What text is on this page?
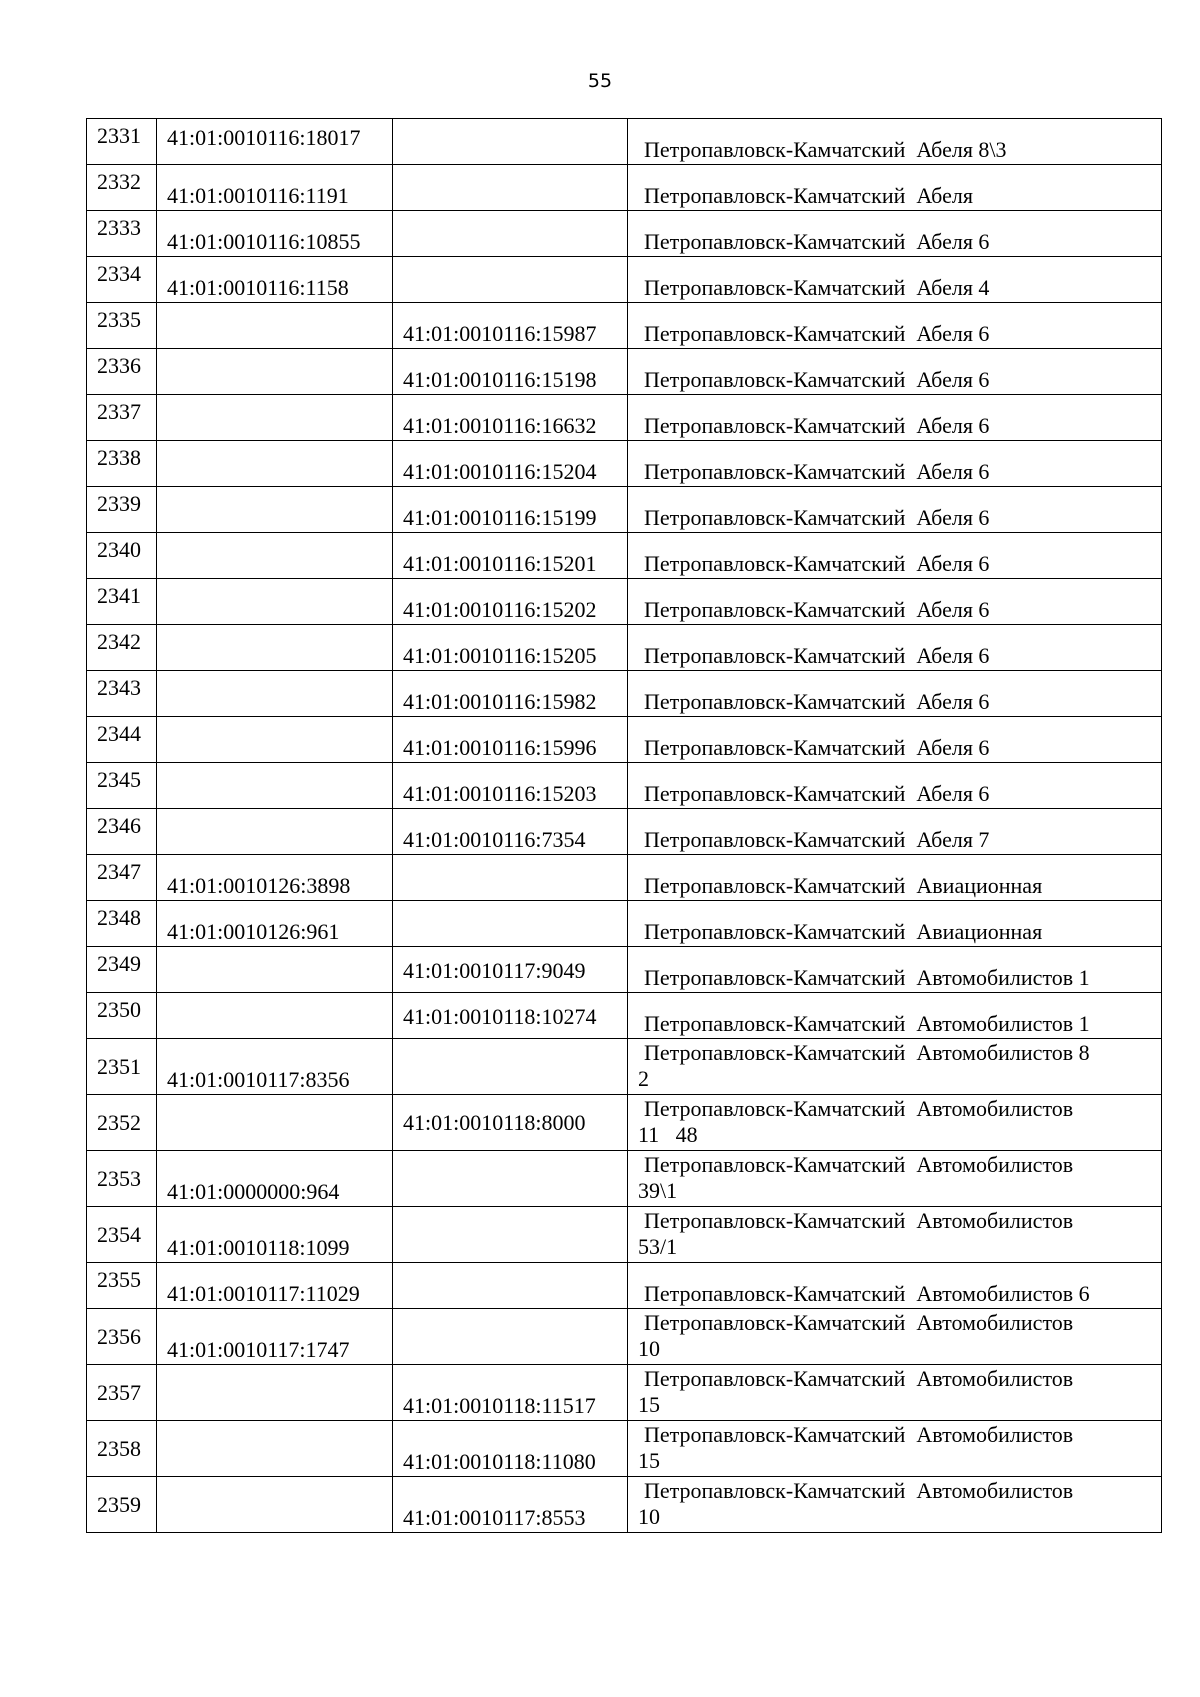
55
2331	41:01:0010116:18017		Петропавловск-Камчатский  Абеля 8\3
2332	41:01:0010116:1191		Петропавловск-Камчатский  Абеля
2333	41:01:0010116:10855		Петропавловск-Камчатский  Абеля 6
2334	41:01:0010116:1158		Петропавловск-Камчатский  Абеля 4
2335		41:01:0010116:15987	Петропавловск-Камчатский  Абеля 6
2336		41:01:0010116:15198	Петропавловск-Камчатский  Абеля 6
2337		41:01:0010116:16632	Петропавловск-Камчатский  Абеля 6
2338		41:01:0010116:15204	Петропавловск-Камчатский  Абеля 6
2339		41:01:0010116:15199	Петропавловск-Камчатский  Абеля 6
2340		41:01:0010116:15201	Петропавловск-Камчатский  Абеля 6
2341		41:01:0010116:15202	Петропавловск-Камчатский  Абеля 6
2342		41:01:0010116:15205	Петропавловск-Камчатский  Абеля 6
2343		41:01:0010116:15982	Петропавловск-Камчатский  Абеля 6
2344		41:01:0010116:15996	Петропавловск-Камчатский  Абеля 6
2345		41:01:0010116:15203	Петропавловск-Камчатский  Абеля 6
2346		41:01:0010116:7354	Петропавловск-Камчатский  Абеля 7
2347	41:01:0010126:3898		Петропавловск-Камчатский  Авиационная
2348	41:01:0010126:961		Петропавловск-Камчатский  Авиационная
2349		41:01:0010117:9049	Петропавловск-Камчатский  Автомобилистов 1
2350		41:01:0010118:10274	Петропавловск-Камчатский  Автомобилистов 1
2351	41:01:0010117:8356		Петропавловск-Камчатский  Автомобилистов 8
2

2352		41:01:0010118:8000	Петропавловск-Камчатский  Автомобилистов
11   48

2353	41:01:0000000:964		Петропавловск-Камчатский  Автомобилистов
39\1

2354	41:01:0010118:1099		Петропавловск-Камчатский  Автомобилистов
53/1

2355	41:01:0010117:11029		Петропавловск-Камчатский  Автомобилистов 6
2356	41:01:0010117:1747		Петропавловск-Камчатский  Автомобилистов
10

2357		41:01:0010118:11517	Петропавловск-Камчатский  Автомобилистов
15

2358		41:01:0010118:11080	Петропавловск-Камчатский  Автомобилистов
15

2359		41:01:0010117:8553	Петропавловск-Камчатский  Автомобилистов
10
